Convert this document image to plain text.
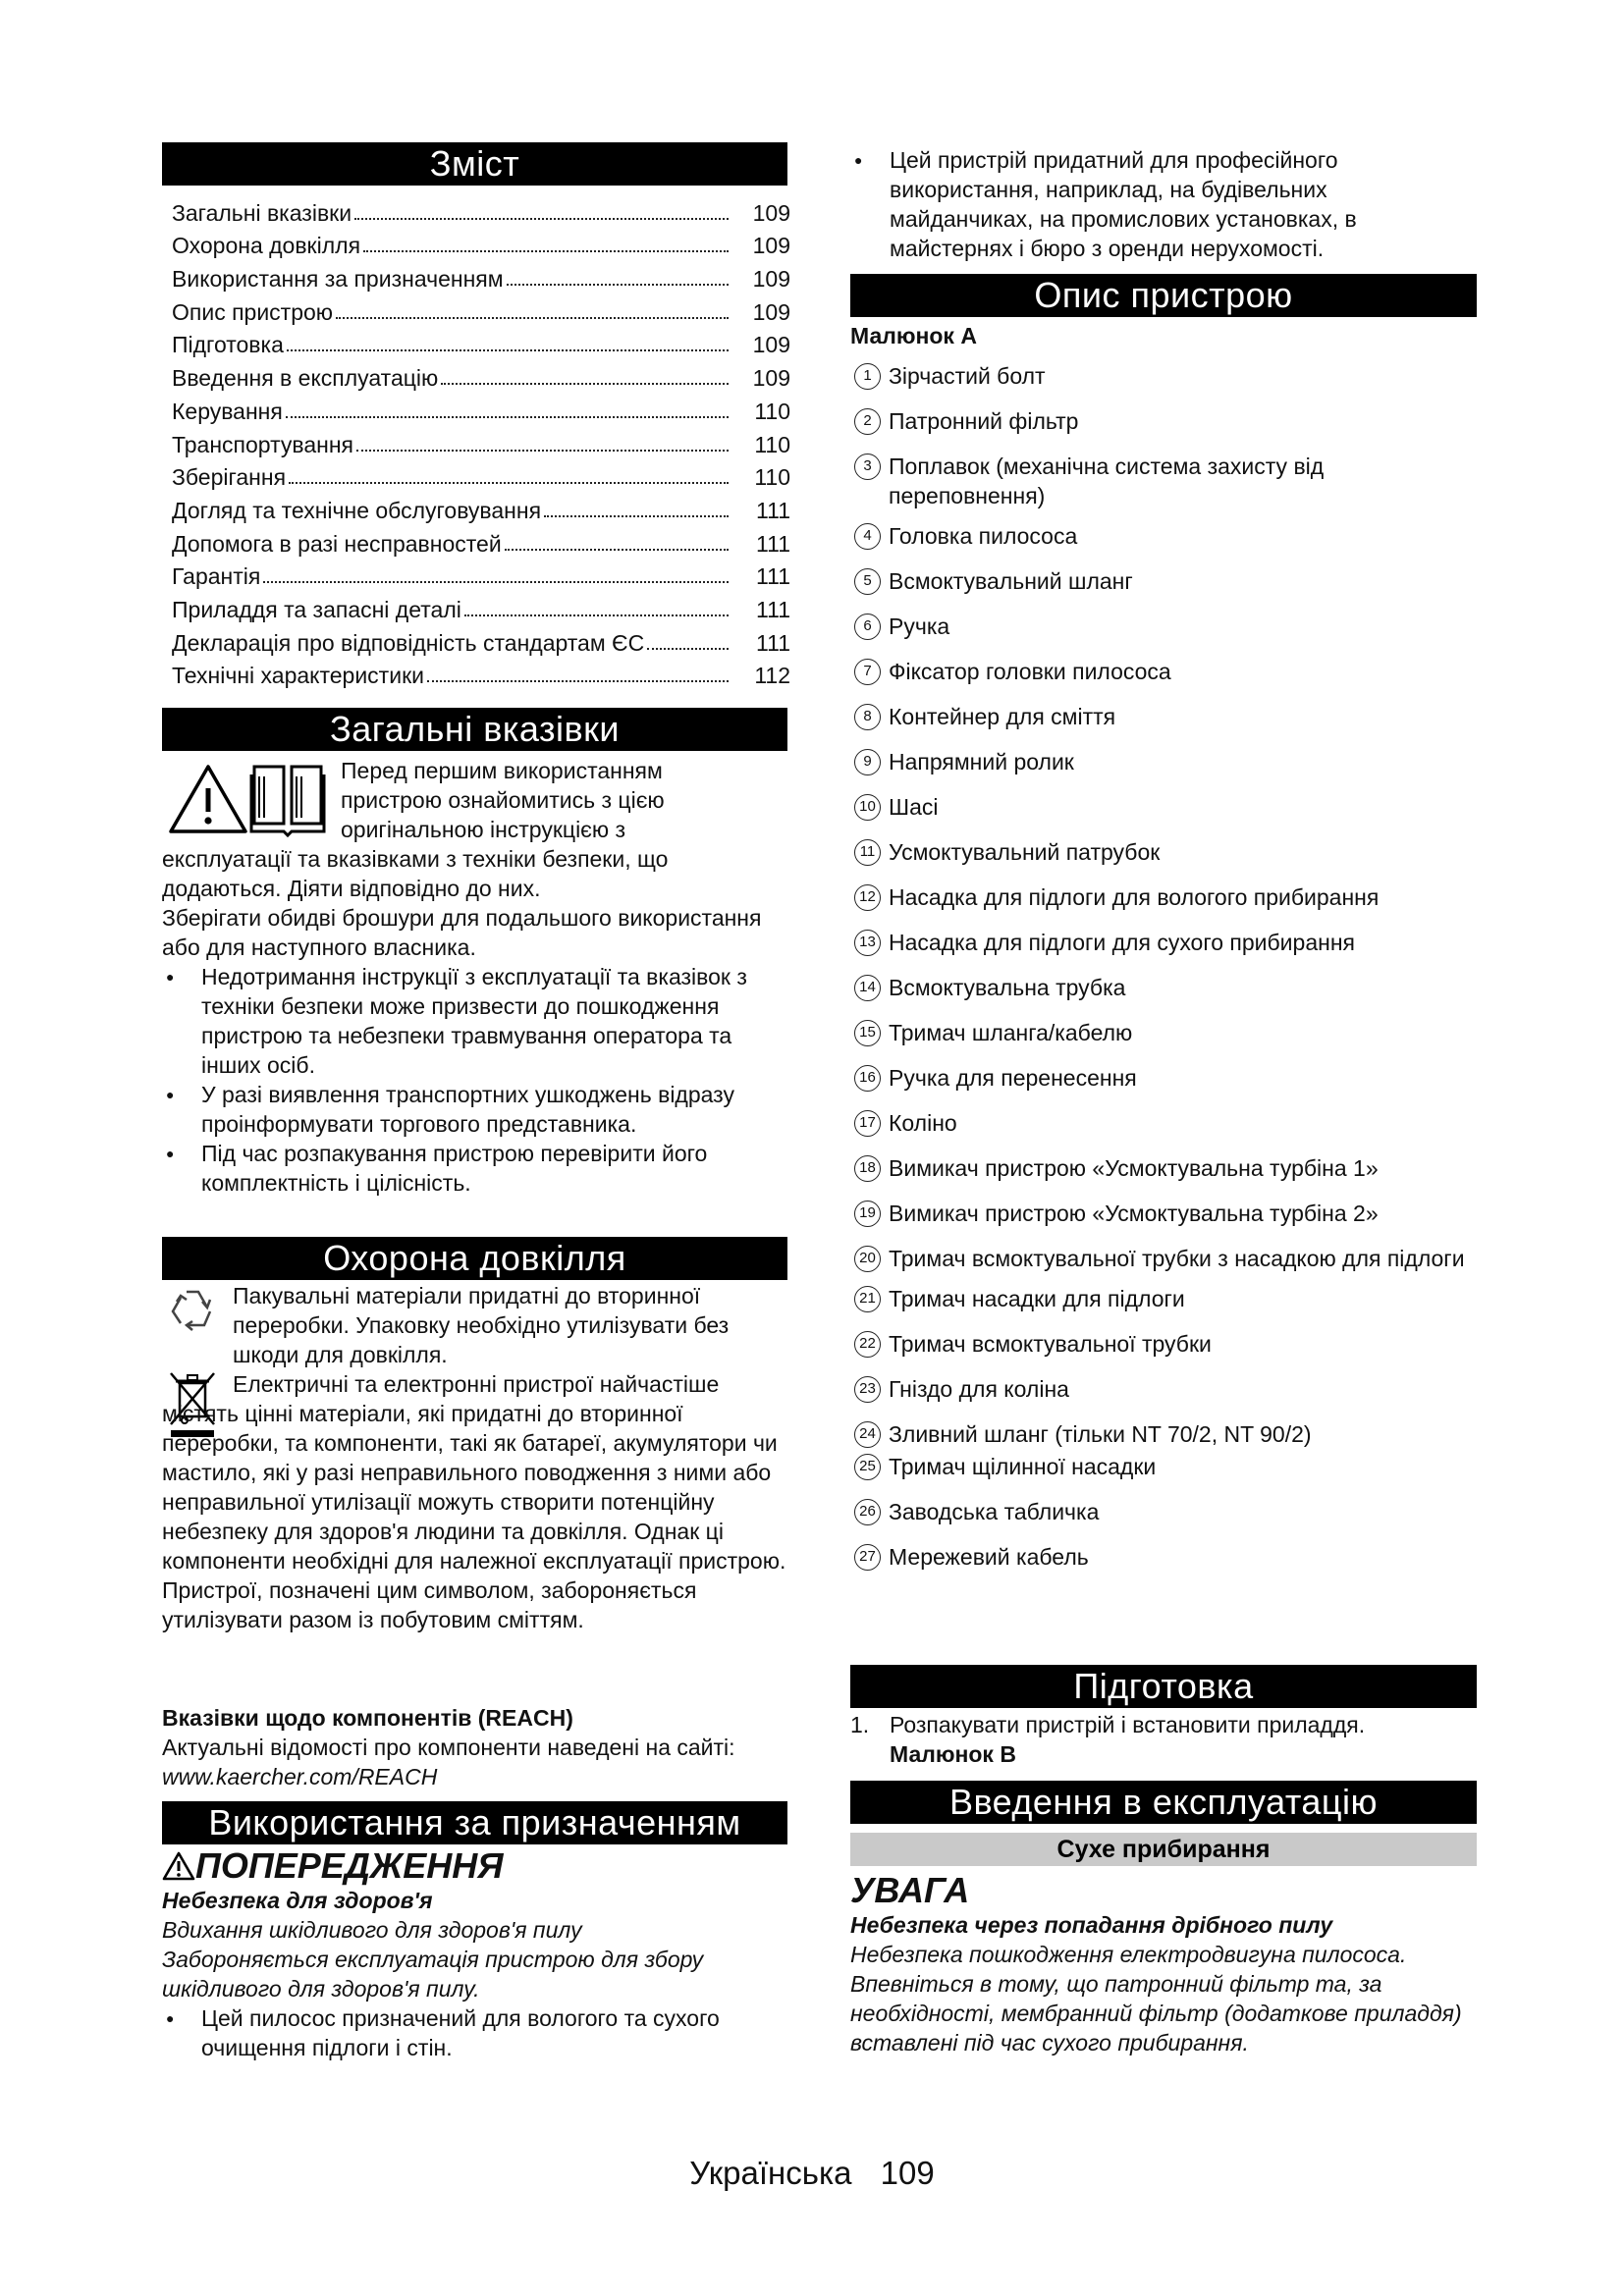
Зміст
Загальні вказівки	109
Охорона довкілля	109
Використання за призначенням	109
Опис пристрою	109
Підготовка	109
Введення в експлуатацію	109
Керування	110
Транспортування	110
Зберігання	110
Догляд та технічне обслуговування	111
Допомога в разі несправностей	111
Гарантія	111
Приладдя та запасні деталі	111
Декларація про відповідність стандартам ЄС	111
Технічні характеристики	112
Загальні вказівки

Перед першим використанням

пристрою ознайомитись з цією

оригінальною інструкцією з

експлуатації та вказівками з техніки безпеки, що додаються. Діяти відповідно до них.

Зберігати обидві брошури для подальшого використання або для наступного власника.

● Недотримання інструкції з експлуатації та вказівок з техніки безпеки може призвести до пошкодження пристрою та небезпеки травмування оператора та інших осіб.

● У разі виявлення транспортних ушкоджень відразу проінформувати торгового представника.

● Під час розпакування пристрою перевірити його комплектність і цілісність.

Охорона довкілля

Пакувальні матеріали придатні до вторинної переробки. Упаковку необхідно утилізувати без шкоди для довкілля.

Електричні та електронні пристрої найчастіше містять цінні матеріали, які придатні до вторинної переробки, та компоненти, такі як батареї, акумулятори чи мастило, які у разі неправильного поводження з ними або неправильної утилізації можуть створити потенційну небезпеку для здоров'я людини та довкілля. Однак ці компоненти необхідні для належної експлуатації пристрою. Пристрої, позначені цим символом, забороняється утилізувати разом із побутовим сміттям.

Вказівки щодо компонентів (REACH)

Актуальні відомості про компоненти наведені на сайті: www.kaercher.com/REACH

Використання за призначенням

ПОПЕРЕДЖЕННЯ

Небезпека для здоров'я

Вдихання шкідливого для здоров'я пилу

Забороняється експлуатація пристрою для збору шкідливого для здоров'я пилу.

● Цей пилосос призначений для вологого та сухого очищення підлоги і стін.

● Цей пристрій придатний для професійного використання, наприклад, на будівельних майданчиках, на промислових установках, в майстернях і бюро з оренди нерухомості.

Опис пристрою

Малюнок A

1 Зірчастий болт
2 Патронний фільтр
3 Поплавок (механічна система захисту від переповнення)
4 Головка пилососа
5 Всмоктувальний шланг
6 Ручка
7 Фіксатор головки пилососа
8 Контейнер для сміття
9 Напрямний ролик
10 Шасі
11 Усмоктувальний патрубок
12 Насадка для підлоги для вологого прибирання
13 Насадка для підлоги для сухого прибирання
14 Всмоктувальна трубка
15 Тримач шланга/кабелю
16 Ручка для перенесення
17 Коліно
18 Вимикач пристрою «Усмоктувальна турбіна 1»
19 Вимикач пристрою «Усмоктувальна турбіна 2»
20 Тримач всмоктувальної трубки з насадкою для підлоги
21 Тримач насадки для підлоги
22 Тримач всмоктувальної трубки
23 Гніздо для коліна
24 Зливний шланг (тільки NT 70/2, NT 90/2)
25 Тримач щілинної насадки
26 Заводська табличка
27 Мережевий кабель
Підготовка

1. Розпакувати пристрій і встановити приладдя.

Малюнок B

Введення в експлуатацію
Сухе прибирання

УВАГА

Небезпека через попадання дрібного пилу

Небезпека пошкодження електродвигуна пилососа.

Впевніться в тому, що патронний фільтр та, за необхідності, мембранний фільтр (додаткове приладдя) вставлені під час сухого прибирання.

Українська 109
